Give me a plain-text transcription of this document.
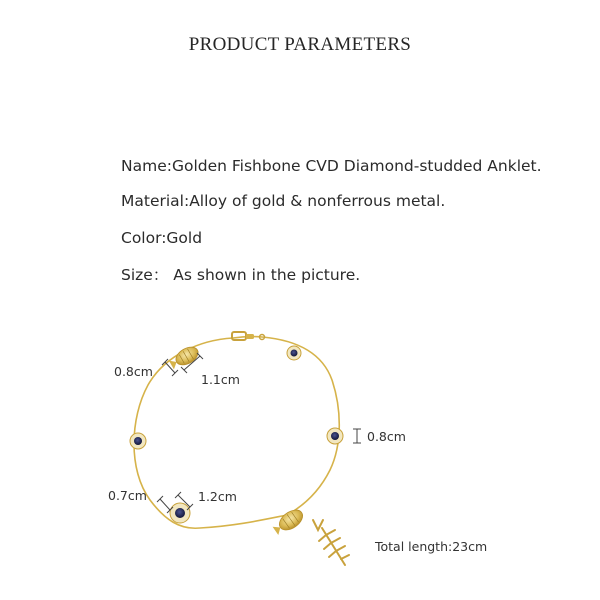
PRODUCT PARAMETERS
Name:Golden Fishbone CVD Diamond-studded Anklet.
Material:Alloy of gold & nonferrous metal.
Color:Gold
Size： As shown in the picture.
0.8cm
1.1cm
0.8cm
0.7cm	1.2cm
Total length:23cm
